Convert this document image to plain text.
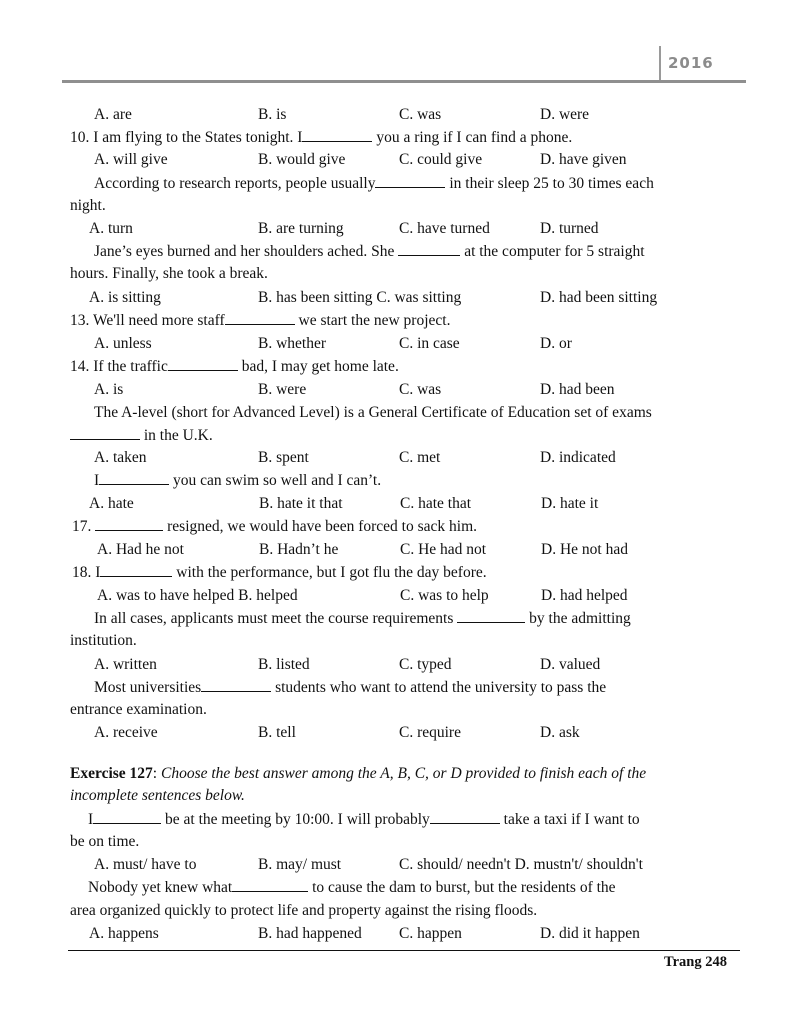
2016
A. are	B. is	C. was	D. were
10. I am flying to the States tonight. I	you a ring if I can find a phone.
A. will give	B. would give	C. could give	D. have given
According to research reports, people usually	in their sleep 25 to 30 times each
night.
A. turn	B. are turning	C. have turned	D. turned
Jane’s eyes burned and her shoulders ached. She	at the computer for 5 straight
hours. Finally, she took a break.
A. is sitting	B. has been sitting C. was sitting	D. had been sitting
13. We'll need more staff	we start the new project.
A. unless	B. whether	C. in case	D. or
14. If the traffic	bad, I may get home late.
A. is	B. were	C. was	D. had been
The A-level (short for Advanced Level) is a General Certificate of Education set of exams
in the U.K.
A. taken	B. spent	C. met	D. indicated
I	you can swim so well and I can’t.
A. hate	B. hate it that	C. hate that	D. hate it
17.	resigned, we would have been forced to sack him.
A. Had he not	B. Hadn’t he	C. He had not	D. He not had
18. I	with the performance, but I got flu the day before.
A. was to have helped B. helped	C. was to help	D. had helped
In all cases, applicants must meet the course requirements	by the admitting
institution.
A. written	B. listed	C. typed	D. valued
Most universities	students who want to attend the university to pass the
entrance examination.
A. receive	B. tell	C. require	D. ask
Exercise 127: Choose the best answer among the A, B, C, or D provided to finish each of the
incomplete sentences below.
I	be at the meeting by 10:00. I will probably	take a taxi if I want to
be on time.
A. must/ have to	B. may/ must	C. should/ needn't D. mustn't/ shouldn't
Nobody yet knew what	to cause the dam to burst, but the residents of the
area organized quickly to protect life and property against the rising floods.
A. happens	B. had happened C. happen	D. did it happen
Trang 248
